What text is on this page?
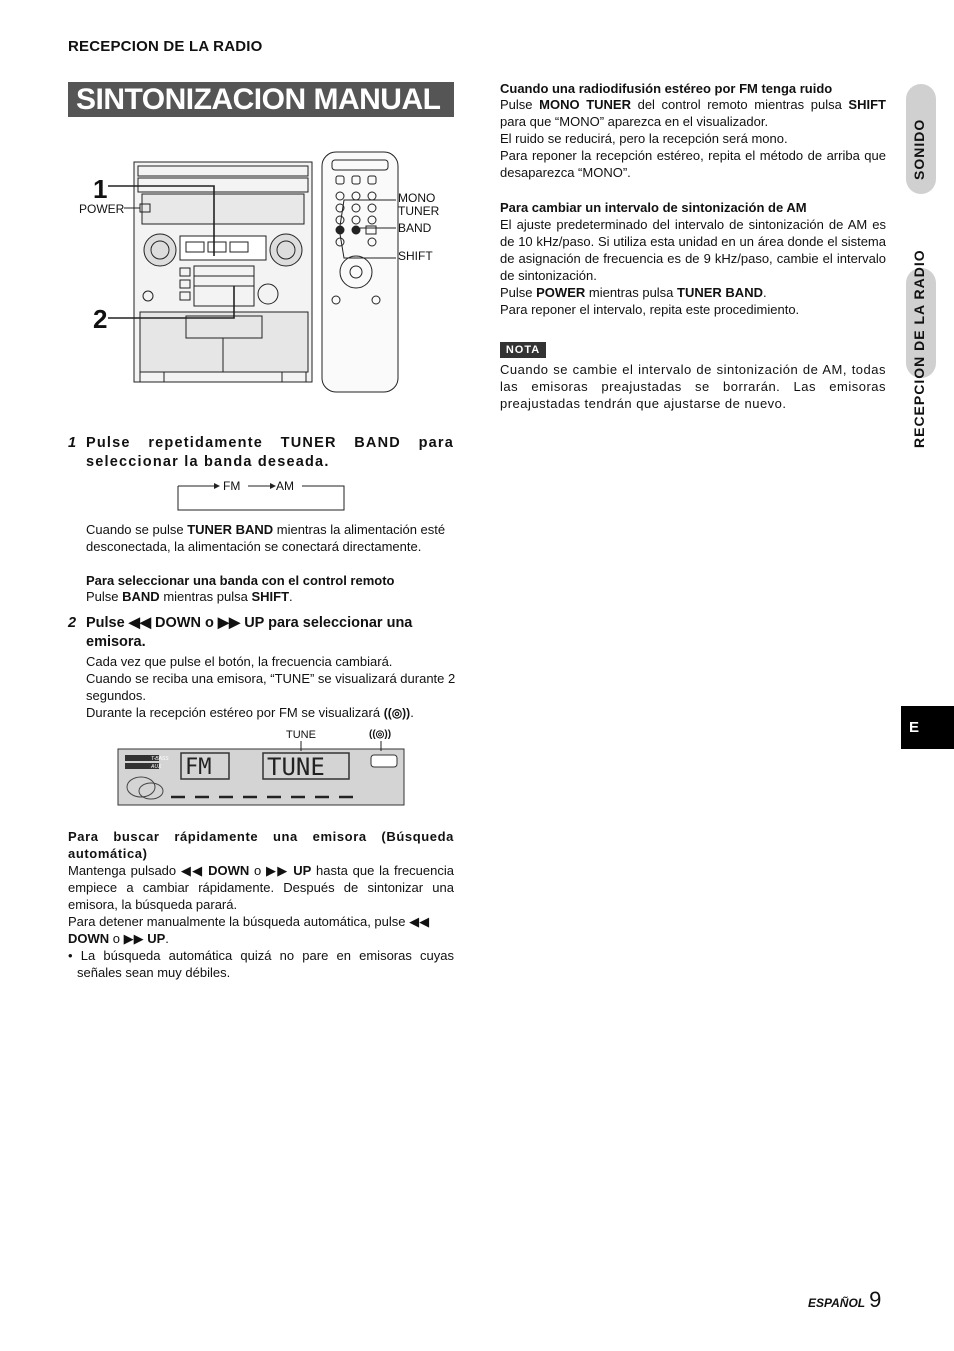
RECEPCION DE LA RADIO
SINTONIZACION MANUAL
1
2
POWER
MONO
TUNER
BAND
SHIFT
1 Pulse repetidamente TUNER BAND para seleccionar la banda deseada.
FM	AM
Cuando se pulse TUNER BAND mientras la alimentación esté desconectada, la alimentación se conectará directamente.
Para seleccionar una banda con el control remoto
Pulse BAND mientras pulsa SHIFT.
2 Pulse ◀◀ DOWN o ▶▶ UP para seleccionar una
emisora.
Cada vez que pulse el botón, la frecuencia cambiará.
Cuando se reciba una emisora, “TUNE” se visualizará durante 2 segundos.
Durante la recepción estéreo por FM se visualizará ((◎)).
TUNE	((◎))
T-BASS
AUX FM TUNE
Para buscar rápidamente una emisora (Búsqueda automática)
Mantenga pulsado ◀◀ DOWN o ▶▶ UP hasta que la frecuencia empiece a cambiar rápidamente. Después de sintonizar una emisora, la búsqueda parará.
Para detener manualmente la búsqueda automática, pulse ◀◀ DOWN o ▶▶ UP.
• La búsqueda automática quizá no pare en emisoras cuyas señales sean muy débiles.
Cuando una radiodifusión estéreo por FM tenga ruido
Pulse MONO TUNER del control remoto mientras pulsa SHIFT para que “MONO” aparezca en el visualizador.
El ruido se reducirá, pero la recepción será mono.
Para reponer la recepción estéreo, repita el método de arriba que desaparezca “MONO”.
Para cambiar un intervalo de sintonización de AM
El ajuste predeterminado del intervalo de sintonización de AM es de 10 kHz/paso. Si utiliza esta unidad en un área donde el sistema de asignación de frecuencia es de 9 kHz/paso, cambie el intervalo de sintonización.
Pulse POWER mientras pulsa TUNER BAND.
Para reponer el intervalo, repita este procedimiento.
NOTA
Cuando se cambie el intervalo de sintonización de AM, todas las emisoras preajustadas se borrarán. Las emisoras preajustadas tendrán que ajustarse de nuevo.
SONIDO
RECEPCION DE LA RADIO
E
ESPAÑOL 9
